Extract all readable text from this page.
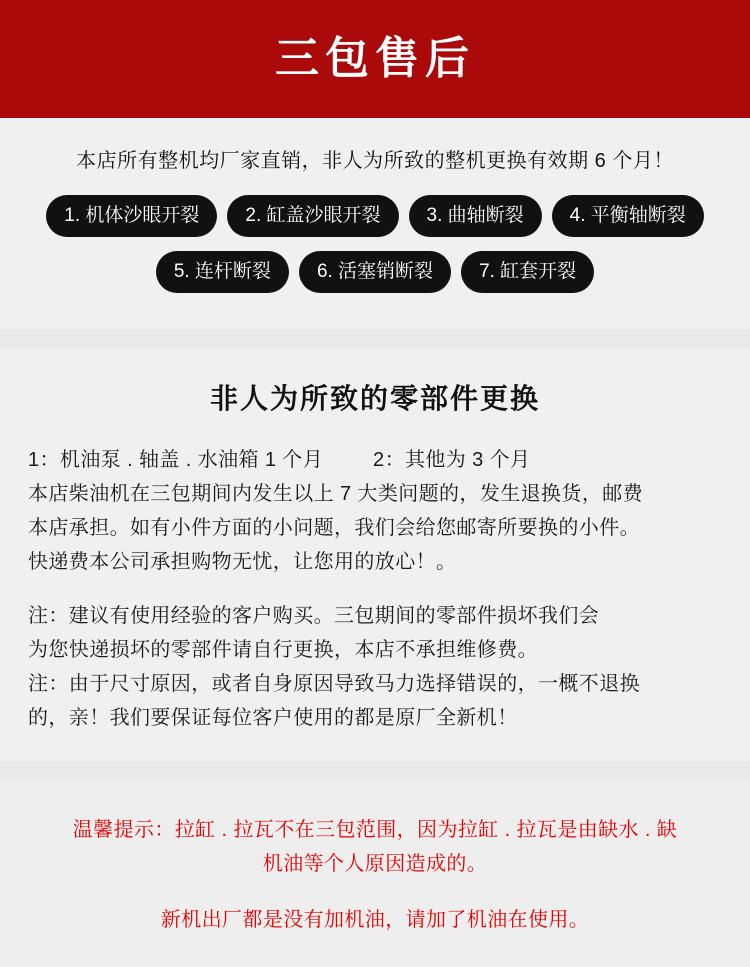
三包售后
本店所有整机均厂家直销，非人为所致的整机更换有效期 6 个月！
1. 机体沙眼开裂	2. 缸盖沙眼开裂	3. 曲轴断裂	4. 平衡轴断裂
5. 连杆断裂	6. 活塞销断裂	7. 缸套开裂
非人为所致的零部件更换
1：机油泵 . 轴盖 . 水油箱 1 个月 2：其他为 3 个月
本店柴油机在三包期间内发生以上 7 大类问题的，发生退换货，邮费
本店承担。如有小件方面的小问题，我们会给您邮寄所要换的小件。
快递费本公司承担购物无忧，让您用的放心！。
注：建议有使用经验的客户购买。三包期间的零部件损坏我们会
为您快递损坏的零部件请自行更换，本店不承担维修费。
注：由于尺寸原因，或者自身原因导致马力选择错误的，一概不退换
的，亲！我们要保证每位客户使用的都是原厂全新机！
温馨提示：拉缸 . 拉瓦不在三包范围，因为拉缸 . 拉瓦是由缺水 . 缺
机油等个人原因造成的。
新机出厂都是没有加机油，请加了机油在使用。
